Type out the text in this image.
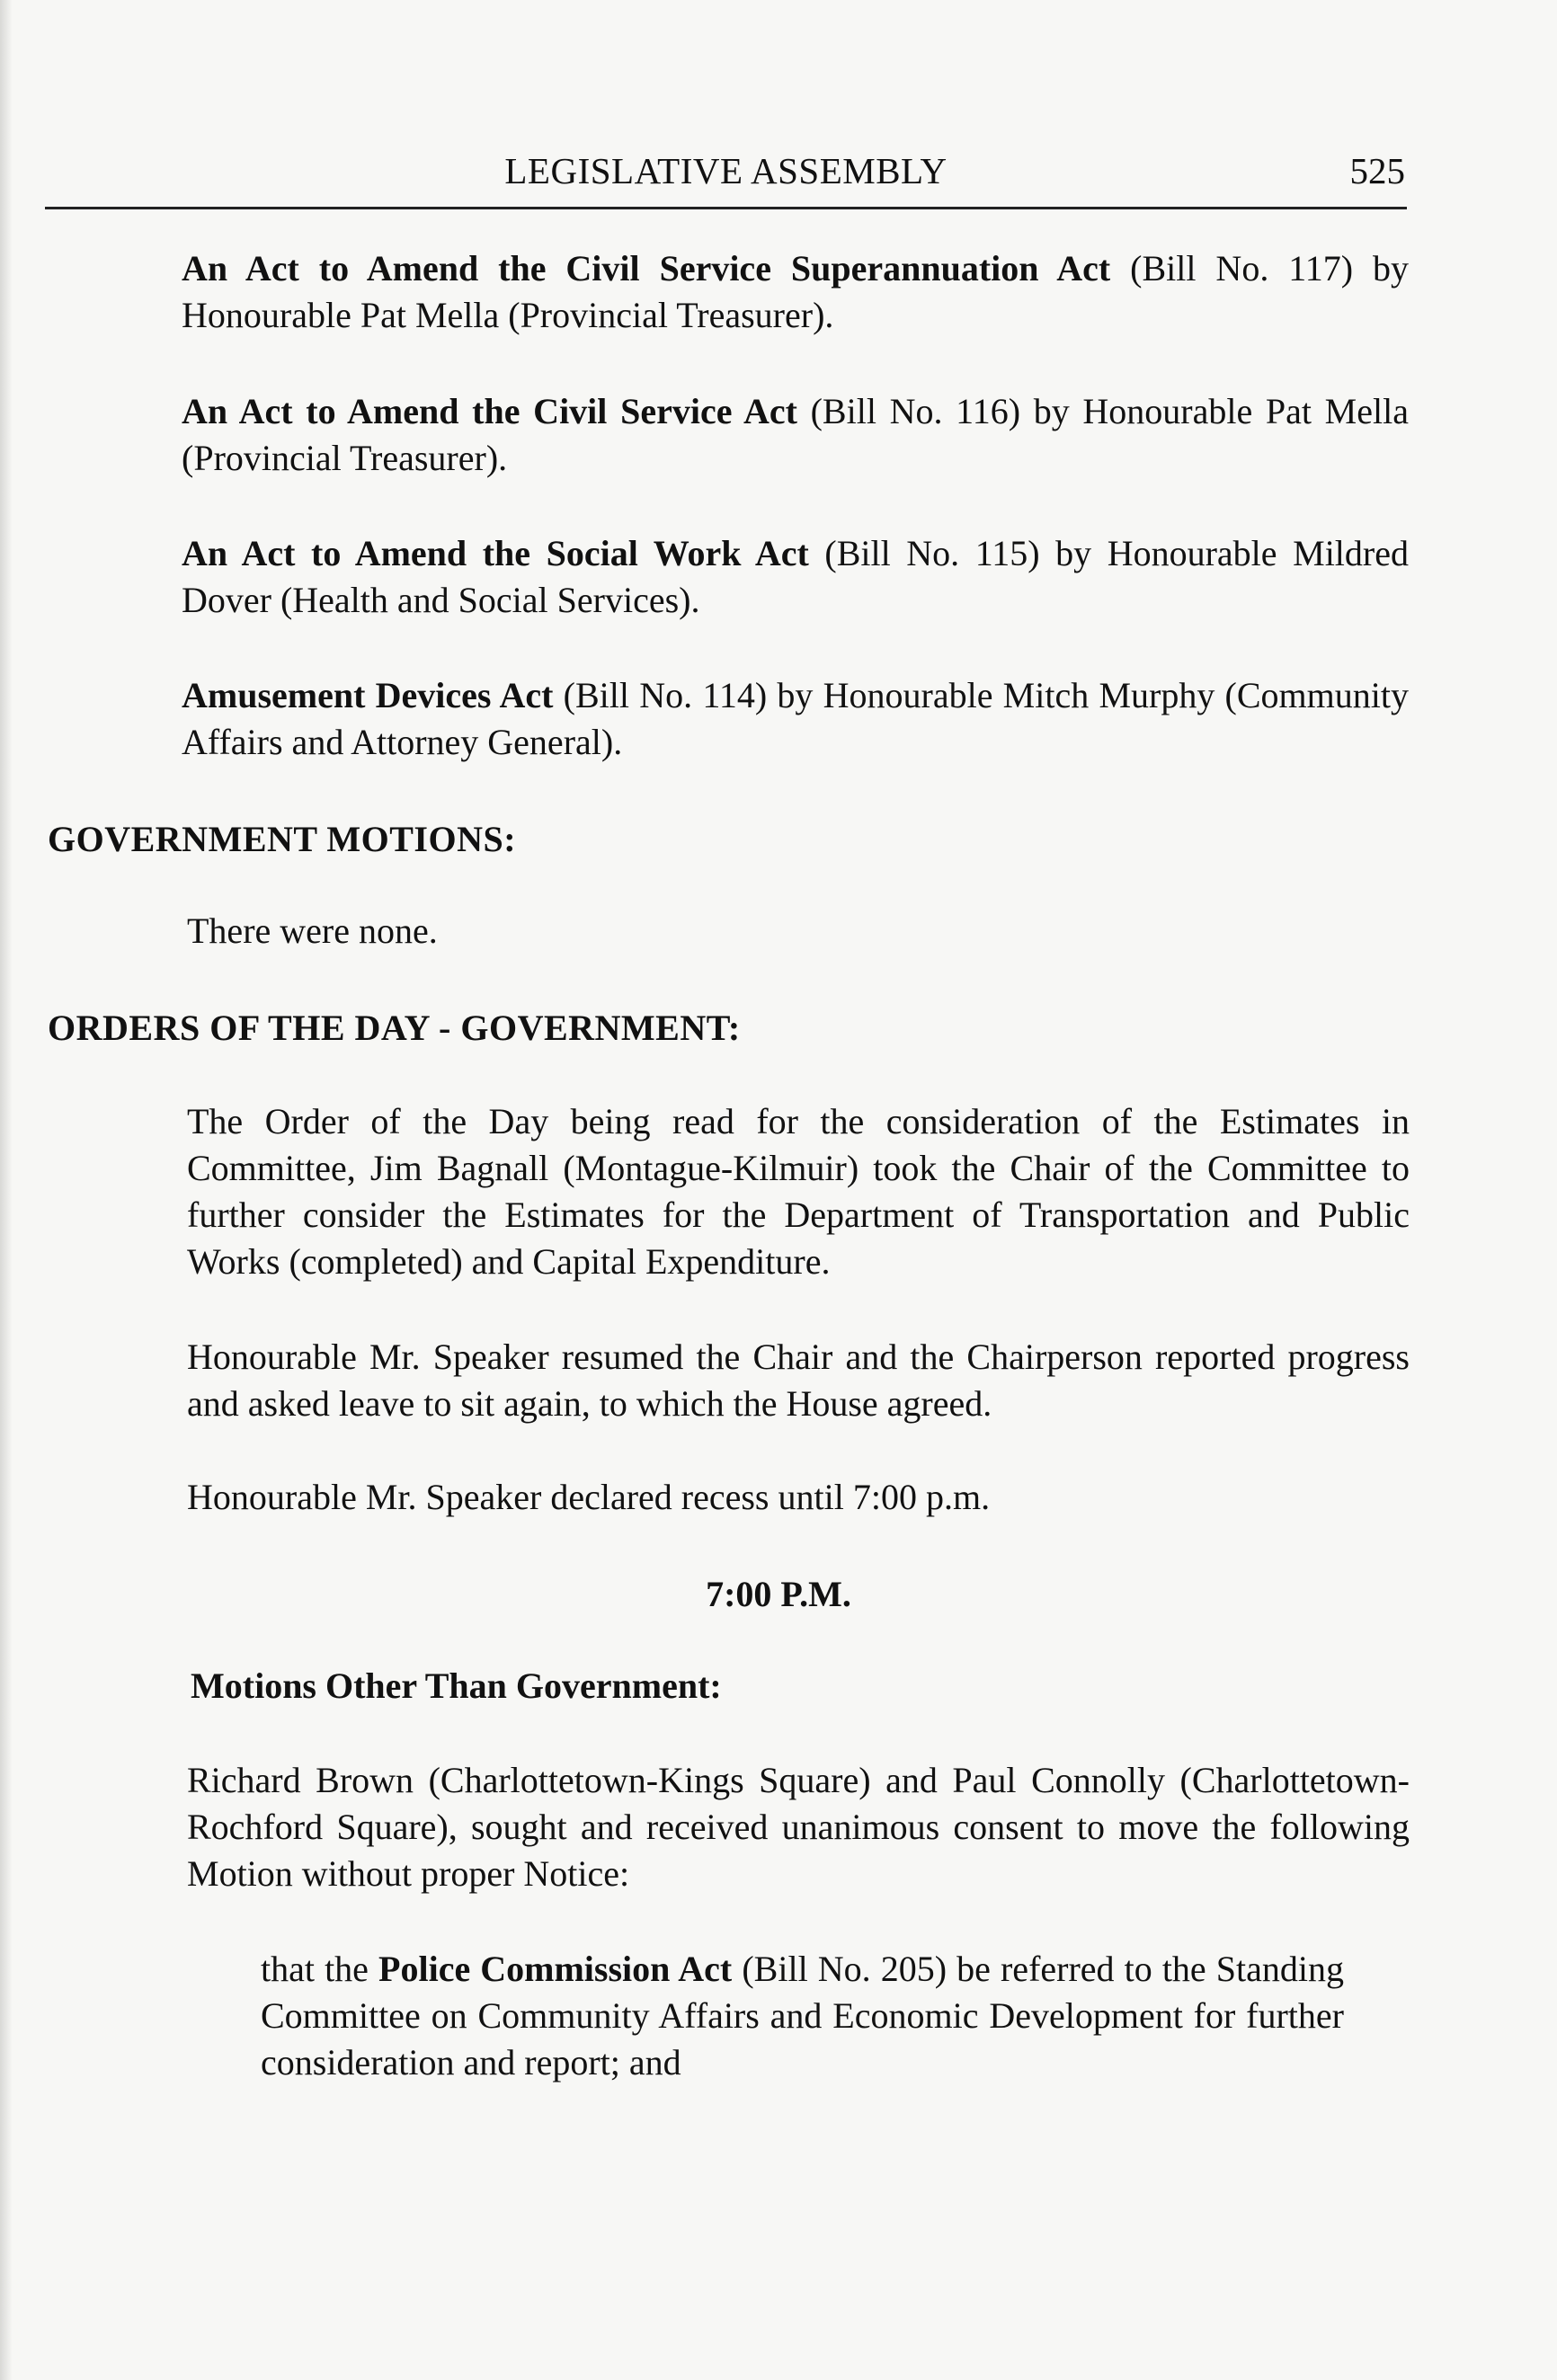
LEGISLATIVE ASSEMBLY	525
An Act to Amend the Civil Service Superannuation Act (Bill No. 117) by Honourable Pat Mella (Provincial Treasurer).
An Act to Amend the Civil Service Act (Bill No. 116) by Honourable Pat Mella (Provincial Treasurer).
An Act to Amend the Social Work Act (Bill No. 115) by Honourable Mildred Dover (Health and Social Services).
Amusement Devices Act (Bill No. 114) by Honourable Mitch Murphy (Community Affairs and Attorney General).
GOVERNMENT MOTIONS:
There were none.
ORDERS OF THE DAY - GOVERNMENT:
The Order of the Day being read for the consideration of the Estimates in Committee, Jim Bagnall (Montague-Kilmuir) took the Chair of the Committee to further consider the Estimates for the Department of Transportation and Public Works (completed) and Capital Expenditure.
Honourable Mr. Speaker resumed the Chair and the Chairperson reported progress and asked leave to sit again, to which the House agreed.
Honourable Mr. Speaker declared recess until 7:00 p.m.
7:00 P.M.
Motions Other Than Government:
Richard Brown (Charlottetown-Kings Square) and Paul Connolly (Charlottetown-Rochford Square), sought and received unanimous consent to move the following Motion without proper Notice:
that the Police Commission Act (Bill No. 205) be referred to the Standing Committee on Community Affairs and Economic Development for further consideration and report; and
